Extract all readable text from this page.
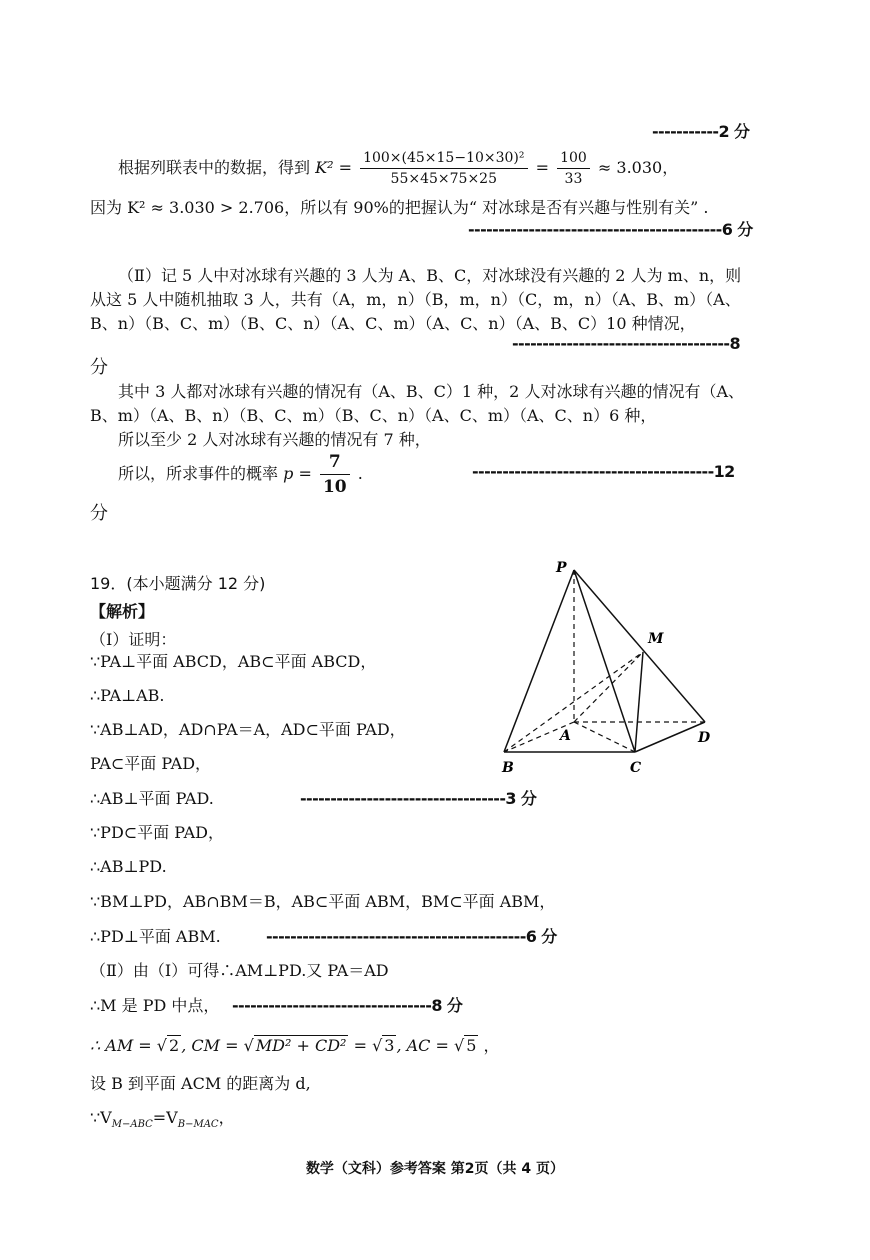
-----------2 分
根据列联表中的数据，得到 $K^2 = \frac{\text{100×(45×15−10×30)²}}{55\times 45\times 75\times 25} = \frac{100}{33} \approx 3.030$，
因为 K² ≈ 3.030 > 2.706，所以有 90%的把握认为“ 对冰球是否有兴趣与性别有关” .
------------------------------------------6 分
（Ⅱ）记 5 人中对冰球有兴趣的 3 人为 A、B、C，对冰球没有兴趣的 2 人为 m、n，则
从这 5 人中随机抽取 3 人，共有（A，m，n）（B，m，n）（C，m，n）（A、B、m）（A、
B、n）（B、C、m）（B、C、n）（A、C、m）（A、C、n）（A、B、C）10 种情况，
------------------------------------8
分
其中 3 人都对冰球有兴趣的情况有（A、B、C）1 种，2 人对冰球有兴趣的情况有（A、
B、m）（A、B、n）（B、C、m）（B、C、n）（A、C、m）（A、C、n）6 种，
所以至少 2 人对冰球有兴趣的情况有 7 种，
所以，所求事件的概率 $p = \frac{7}{10}$ .	----------------------------------------12
分
19．(本小题满分 12 分)
【解析】
（Ⅰ）证明：
∵PA⊥平面 ABCD，AB⊂平面 ABCD，
∴PA⊥AB.
∵AB⊥AD，AD∩PA＝A，AD⊂平面 PAD，
PA⊂平面 PAD，
∴AB⊥平面 PAD.	----------------------------------3 分
∵PD⊂平面 PAD，
∴AB⊥PD.
∵BM⊥PD，AB∩BM＝B，AB⊂平面 ABM，BM⊂平面 ABM，
∴PD⊥平面 ABM.	-------------------------------------------6 分
（Ⅱ）由（I）可得∴AM⊥PD.又 PA＝AD
∴M 是 PD 中点， ---------------------------------8 分
∴ AM = √ 2 , CM = √ MD² + CD² = √ 3 , AC = √ 5 ，
设 B 到平面 ACM 的距离为 d,
$\because V_{M-ABC}=V_{B-MAC}$，
P
M
A
B	C
D
数学（文科）参考答案 第2页（共 4 页）
